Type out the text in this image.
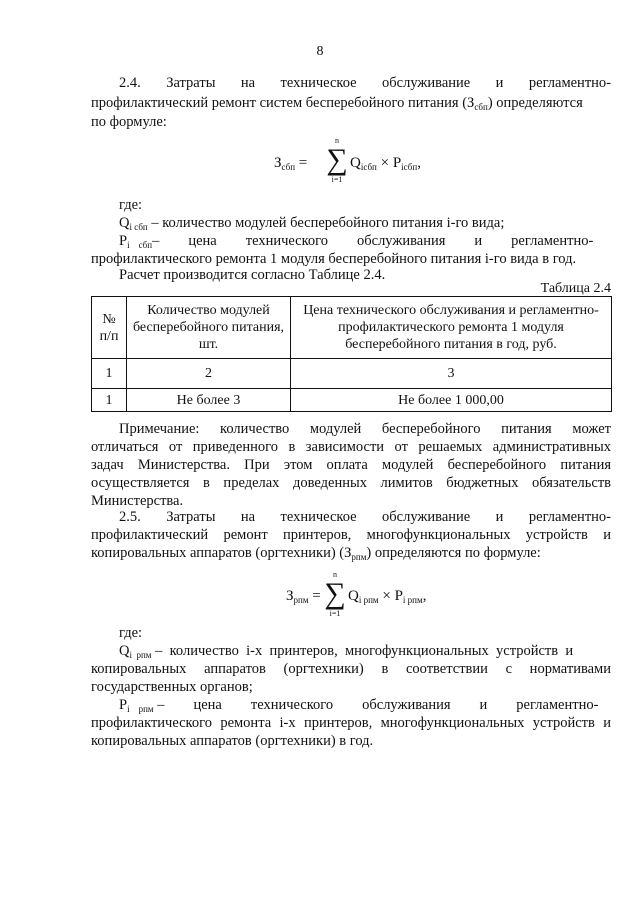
8
2.4. Затраты на техническое обслуживание и регламентно-
профилактический ремонт систем бесперебойного питания $(З_{сбп})$ определяются
по формуле:
$З_{сбп}$ =
n
∑
i=1
$Q_{iсбп} \times P_{iсбп}$,
где:
$Q_{i сбп}$ – количество модулей бесперебойного питания i-го вида;
$P_{i сбп}-$        цена        технического        обслуживания        и        регламентно-
профилактического ремонта 1 модуля бесперебойного питания i-го вида в год.
Расчет производится согласно Таблице 2.4.
Таблица 2.4
№ п/п	Количество модулей бесперебойного питания, шт.	Цена технического обслуживания и регламентно-профилактического ремонта 1 модуля бесперебойного питания в год, руб.
1	2	3
1	Не более 3	Не более 1 000,00
Примечание: количество модулей бесперебойного питания может
отличаться от приведенного в зависимости от решаемых административных
задач Министерства. При этом оплата модулей бесперебойного питания
осуществляется в пределах доведенных лимитов бюджетных обязательств
Министерства.
2.5. Затраты на техническое обслуживание и регламентно-
профилактический ремонт принтеров, многофункциональных устройств и
копировальных аппаратов (оргтехники) $(З_{рпм})$ определяются по формуле:
$З_{рпм}$ =
n
∑
i=1
$Q_{i рпм} \times P_{i рпм}$,
где:
$Q_{i рпм}$ –  количество  i-х  принтеров,  многофункциональных  устройств  и
копировальных аппаратов (оргтехники) в соответствии с нормативами
государственных органов;
$P_{i рпм}$ –        цена        технического        обслуживания        и        регламентно-
профилактического ремонта i-х принтеров, многофункциональных устройств и
копировальных аппаратов (оргтехники) в год.
